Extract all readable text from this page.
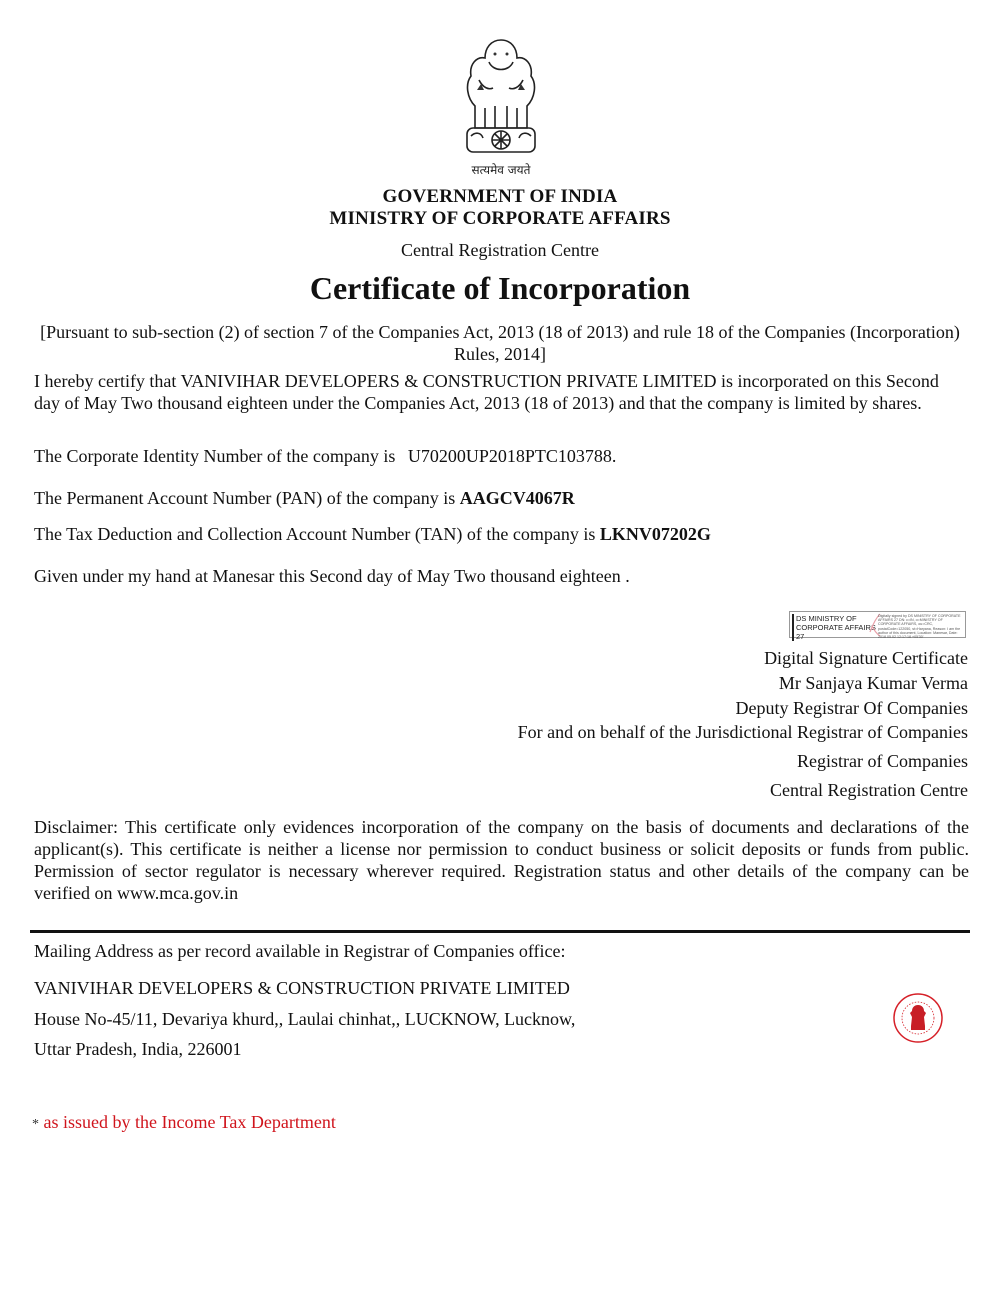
सत्यमेव जयते
GOVERNMENT OF INDIA
MINISTRY OF CORPORATE AFFAIRS
Central Registration Centre
Certificate of Incorporation
[Pursuant to sub-section (2) of section 7 of the Companies Act, 2013 (18 of 2013) and rule 18 of the Companies (Incorporation) Rules, 2014]
I hereby certify that VANIVIHAR DEVELOPERS & CONSTRUCTION PRIVATE LIMITED is incorporated on this Second day of May Two thousand eighteen under the Companies Act, 2013 (18 of 2013) and that the company is limited by shares.
The Corporate Identity Number of the company is U70200UP2018PTC103788.
The Permanent Account Number (PAN) of the company is AAGCV4067R
The Tax Deduction and Collection Account Number (TAN) of the company is LKNV07202G
Given under my hand at Manesar this Second day of May Two thousand eighteen .
DS MINISTRY OF
CORPORATE AFFAIRS 27
Digitally signed by DS MINISTRY OF CORPORATE AFFAIRS 27 DN: c=IN, o=MINISTRY OF CORPORATE AFFAIRS, ou=CRC, postalCode=122050, st=Haryana, Reason: I am the author of this document, Location: Manesar, Date: 2018.05.02 12:17:18 +05'30'
Digital Signature Certificate
Mr Sanjaya Kumar Verma
Deputy Registrar Of Companies
For and on behalf of the Jurisdictional Registrar of Companies
Registrar of Companies
Central Registration Centre
Disclaimer: This certificate only evidences incorporation of the company on the basis of documents and declarations of the applicant(s). This certificate is neither a license nor permission to conduct business or solicit deposits or funds from public. Permission of sector regulator is necessary wherever required. Registration status and other details of the company can be verified on www.mca.gov.in
Mailing Address as per record available in Registrar of Companies office:
VANIVIHAR DEVELOPERS & CONSTRUCTION PRIVATE LIMITED
House No-45/11, Devariya khurd,, Laulai chinhat,, LUCKNOW, Lucknow,
Uttar Pradesh, India, 226001
* as issued by the Income Tax Department
